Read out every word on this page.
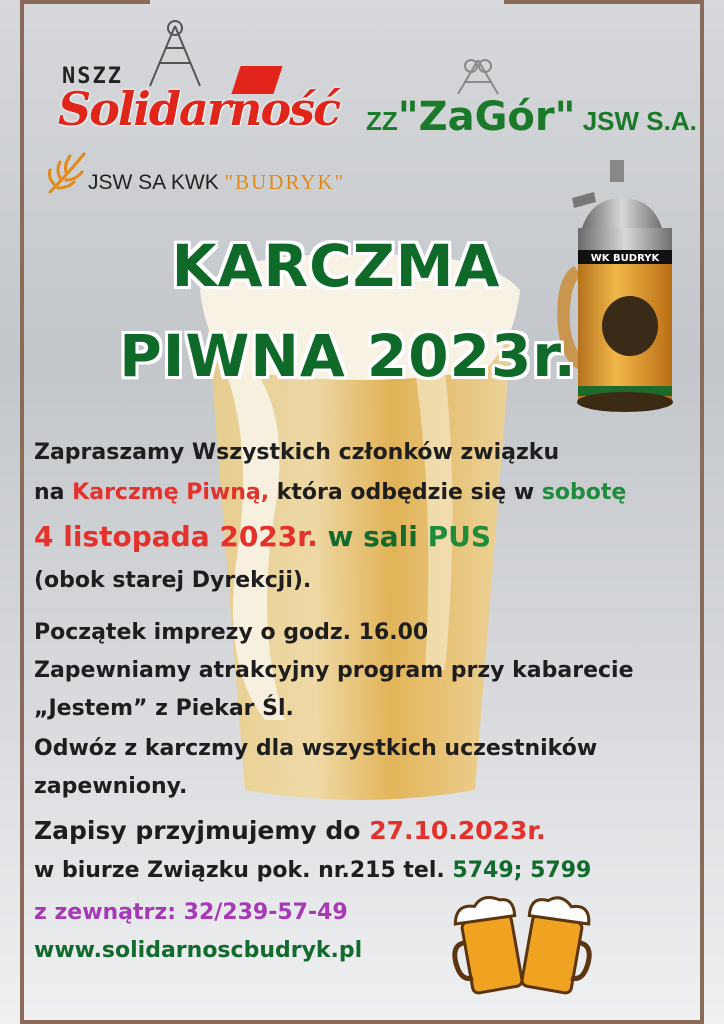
NSZZ
Solidarność ZZ"ZaGór" JSW S.A.
JSW SA KWK "BUDRYK"
WK BUDRYK
KARCZMA
PIWNA 2023r.
Zapraszamy Wszystkich członków związku
na Karczmę Piwną, która odbędzie się w sobotę
4 listopada 2023r. w sali PUS
(obok starej Dyrekcji).
Początek imprezy o godz. 16.00
Zapewniamy atrakcyjny program przy kabarecie
„Jestem” z Piekar Śl.
Odwóz z karczmy dla wszystkich uczestników
zapewniony.
Zapisy przyjmujemy do 27.10.2023r.
w biurze Związku pok. nr.215 tel. 5749; 5799
z zewnątrz: 32/239-57-49
www.solidarnoscbudryk.pl
